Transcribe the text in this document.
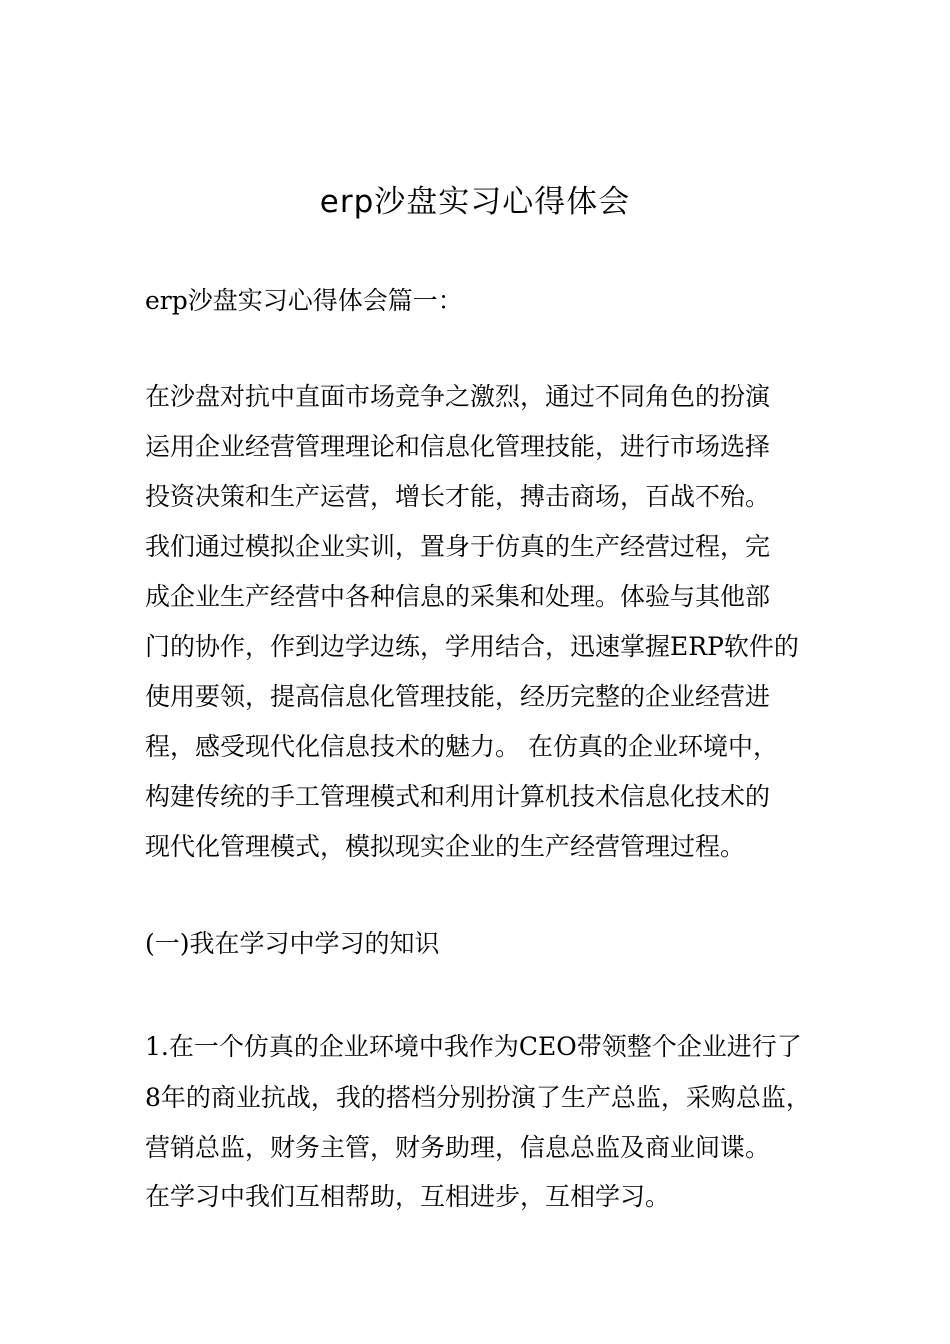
erp沙盘实习心得体会
erp沙盘实习心得体会篇一：
在沙盘对抗中直面市场竞争之激烈，通过不同角色的扮演
运用企业经营管理理论和信息化管理技能，进行市场选择
投资决策和生产运营，增长才能，搏击商场，百战不殆。
我们通过模拟企业实训，置身于仿真的生产经营过程，完
成企业生产经营中各种信息的采集和处理。体验与其他部
门的协作，作到边学边练，学用结合，迅速掌握ERP软件的
使用要领，提高信息化管理技能，经历完整的企业经营进
程，感受现代化信息技术的魅力。 在仿真的企业环境中，
构建传统的手工管理模式和利用计算机技术信息化技术的
现代化管理模式，模拟现实企业的生产经营管理过程。
(一)我在学习中学习的知识
1.在一个仿真的企业环境中我作为CEO带领整个企业进行了
8年的商业抗战，我的搭档分别扮演了生产总监，采购总监，
营销总监，财务主管，财务助理，信息总监及商业间谍。
在学习中我们互相帮助，互相进步，互相学习。
